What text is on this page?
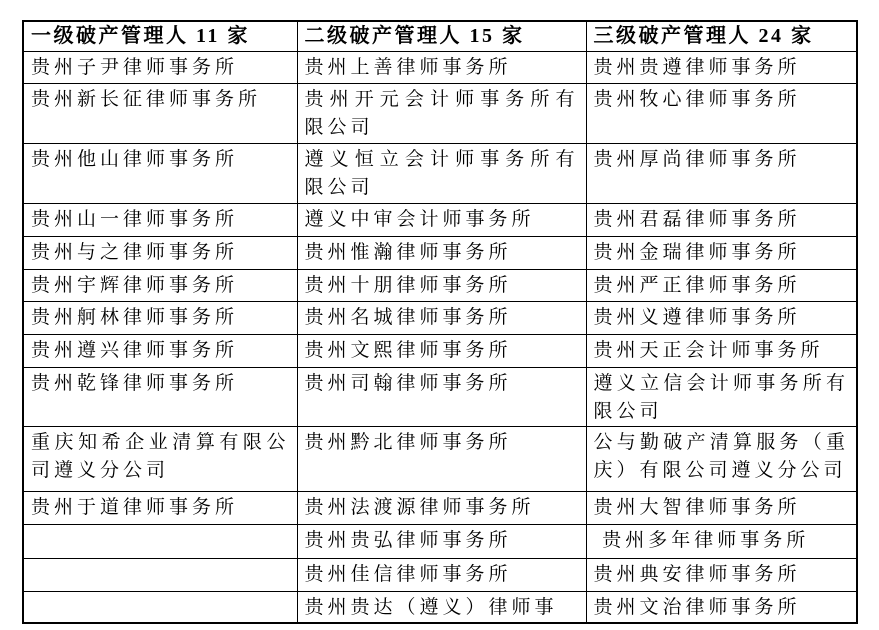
一级破产管理人 11 家	二级破产管理人 15 家	三级破产管理人 24 家
贵州子尹律师事务所	贵州上善律师事务所	贵州贵遵律师事务所
贵州新长征律师事务所	贵州开元会计师事务所有限公司	贵州牧心律师事务所
贵州他山律师事务所	遵义恒立会计师事务所有限公司	贵州厚尚律师事务所
贵州山一律师事务所	遵义中审会计师事务所	贵州君磊律师事务所
贵州与之律师事务所	贵州惟瀚律师事务所	贵州金瑞律师事务所
贵州宇辉律师事务所	贵州十朋律师事务所	贵州严正律师事务所
贵州舸林律师事务所	贵州名城律师事务所	贵州义遵律师事务所
贵州遵兴律师事务所	贵州文熙律师事务所	贵州天正会计师事务所
贵州乾锋律师事务所	贵州司翰律师事务所	遵义立信会计师事务所有限公司
重庆知希企业清算有限公司遵义分公司	贵州黔北律师事务所	公与勤破产清算服务（重庆）有限公司遵义分公司
贵州于道律师事务所	贵州法渡源律师事务所	贵州大智律师事务所
	贵州贵弘律师事务所	贵州多年律师事务所
	贵州佳信律师事务所	贵州典安律师事务所
	贵州贵达（遵义）律师事	贵州文治律师事务所
